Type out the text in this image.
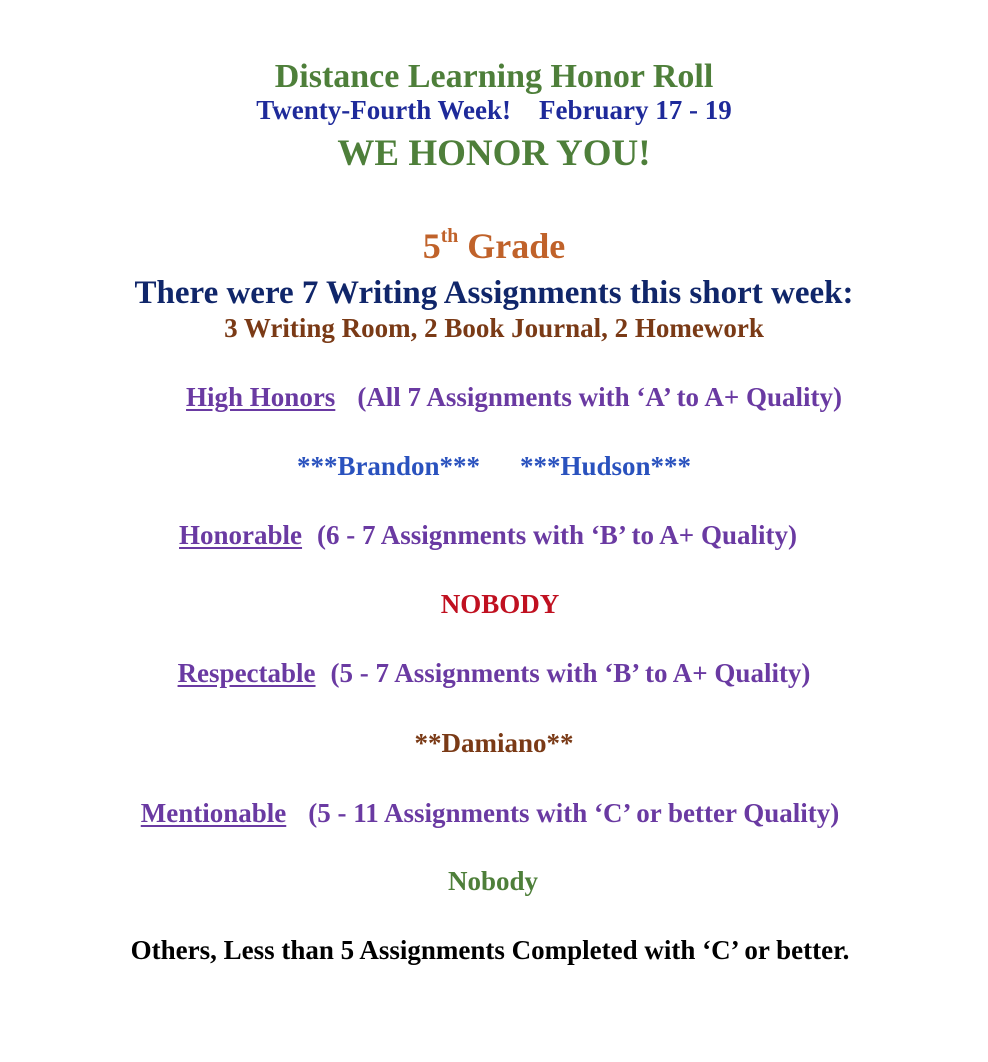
Distance Learning Honor Roll
Twenty-Fourth Week! February 17 - 19
WE HONOR YOU!
5th Grade
There were 7 Writing Assignments this short week:
3 Writing Room, 2 Book Journal, 2 Homework
High Honors (All 7 Assignments with ‘A’ to A+ Quality)
***Brandon*** ***Hudson***
Honorable (6 - 7 Assignments with ‘B’ to A+ Quality)
NOBODY
Respectable (5 - 7 Assignments with ‘B’ to A+ Quality)
**Damiano**
Mentionable (5 - 11 Assignments with ‘C’ or better Quality)
Nobody
Others, Less than 5 Assignments Completed with ‘C’ or better.
